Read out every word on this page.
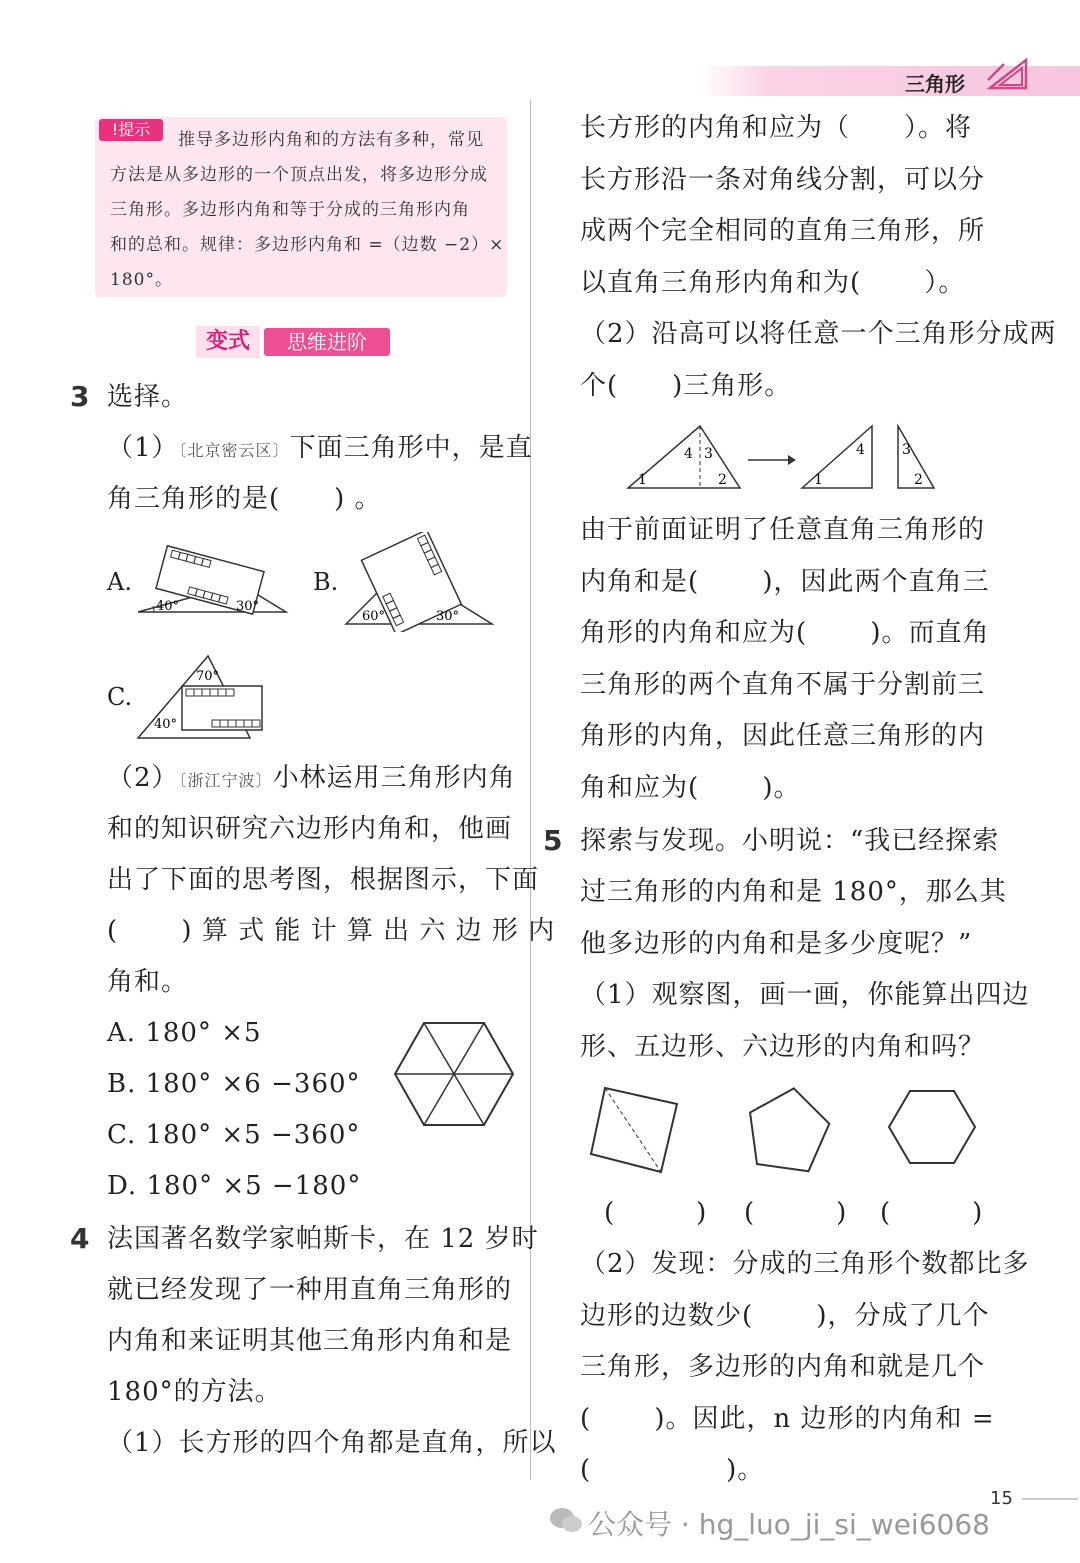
三角形
!提示
推导多边形内角和的方法有多种，常见
方法是从多边形的一个顶点出发，将多边形分成
三角形。多边形内角和等于分成的三角形内角
和的总和。规律：多边形内角和 =（边数 −2）×
180°。
变式	思维进阶
3 选择。
（1）〔北京密云区〕下面三角形中，是直
角三角形的是(　　) 。
A.
40°	30°
B.
60°	30°
C.
70°
40°
（2）〔浙江宁波〕小林运用三角形内角
和的知识研究六边形内角和，他画
出了下面的思考图，根据图示，下面
(　　 ) 算 式 能 计 算 出 六 边 形 内
角和。
A. 180° ×5
B. 180° ×6 −360°
C. 180° ×5 −360°
D. 180° ×5 −180°
4 法国著名数学家帕斯卡，在 12 岁时
就已经发现了一种用直角三角形的
内角和来证明其他三角形内角和是
180°的方法。
（1）长方形的四个角都是直角，所以
长方形的内角和应为（　　）。将
长方形沿一条对角线分割，可以分
成两个完全相同的直角三角形，所
以直角三角形内角和为(　　 ）。
（2）沿高可以将任意一个三角形分成两
个(　　)三角形。
1	2
4 3
1
4	3
2
由于前面证明了任意直角三角形的
内角和是(　　 )，因此两个直角三
角形的内角和应为(　　 )。而直角
三角形的两个直角不属于分割前三
角形的内角，因此任意三角形的内
角和应为(　　 )。
5 探索与发现。小明说：“我已经探索
过三角形的内角和是 180°，那么其
他多边形的内角和是多少度呢？”
（1）观察图，画一画，你能算出四边
形、五边形、六边形的内角和吗？
(　　　) (　　　) (　　　)
（2）发现：分成的三角形个数都比多
边形的边数少(　　 )，分成了几个
三角形，多边形的内角和就是几个
(　　 )。因此，n 边形的内角和 =
(　　　　　)。
15
公众号 · hg_luo_ji_si_wei6068
